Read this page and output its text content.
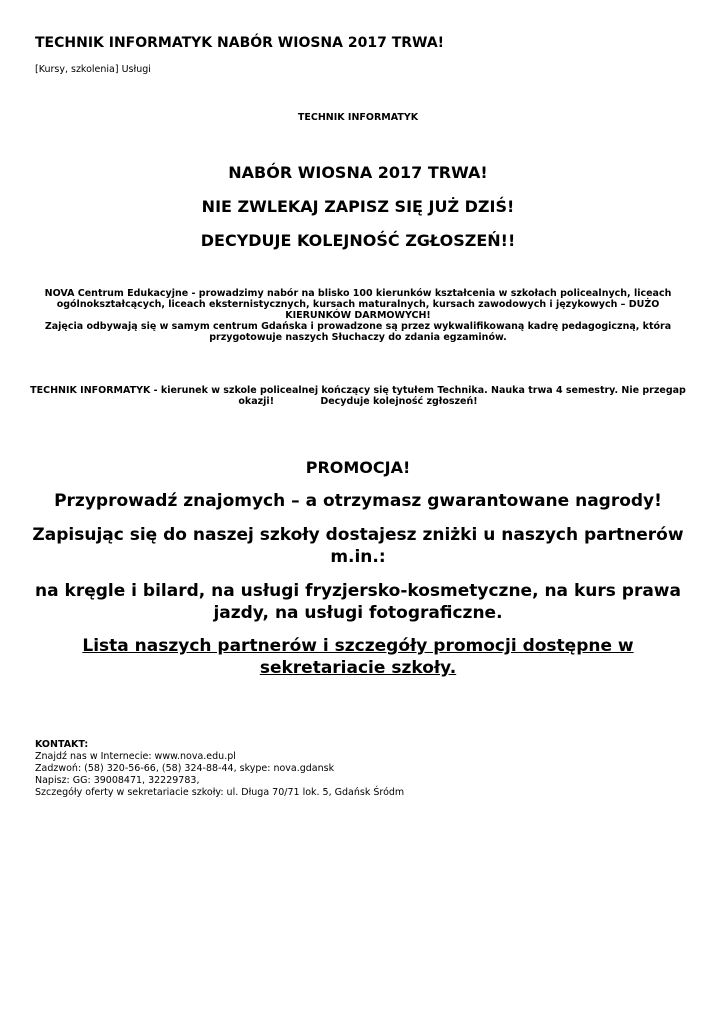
TECHNIK INFORMATYK NABÓR WIOSNA 2017 TRWA!
[Kursy, szkolenia] Usługi
TECHNIK INFORMATYK
NABÓR WIOSNA 2017 TRWA!
NIE ZWLEKAJ ZAPISZ SIĘ JUŻ DZIŚ!
DECYDUJE KOLEJNOŚĆ ZGŁOSZEŃ!!
NOVA Centrum Edukacyjne - prowadzimy nabór na blisko 100 kierunków kształcenia w szkołach policealnych, liceach ogólnokształcących, liceach eksternistycznych, kursach maturalnych, kursach zawodowych i językowych – DUŻO KIERUNKÓW DARMOWYCH!
Zajęcia odbywają się w samym centrum Gdańska i prowadzone są przez wykwalifikowaną kadrę pedagogiczną, która przygotowuje naszych Słuchaczy do zdania egzaminów.
TECHNIK INFORMATYK - kierunek w szkole policealnej kończący się tytułem Technika. Nauka trwa 4 semestry. Nie przegap okazji!              Decyduje kolejność zgłoszeń!
PROMOCJA!
Przyprowadź znajomych – a otrzymasz gwarantowane nagrody!
Zapisując się do naszej szkoły dostajesz zniżki u naszych partnerów m.in.:
na kręgle i bilard, na usługi fryzjersko-kosmetyczne, na kurs prawa jazdy, na usługi fotograficzne.
Lista naszych partnerów i szczegóły promocji dostępne w sekretariacie szkoły.
KONTAKT:
Znajdź nas w Internecie: www.nova.edu.pl
Zadzwoń: (58) 320-56-66, (58) 324-88-44, skype: nova.gdansk
Napisz: GG: 39008471, 32229783,
Szczegóły oferty w sekretariacie szkoły: ul. Długa 70/71 lok. 5, Gdańsk Śródm
